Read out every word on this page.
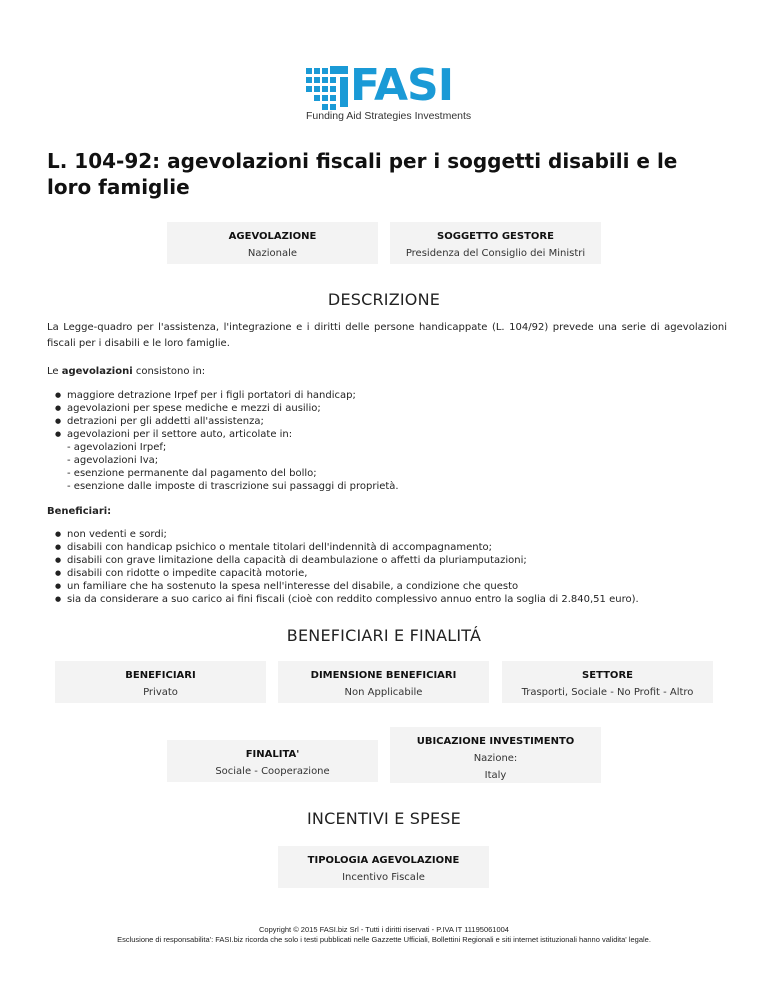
FASI
Funding Aid Strategies Investments
L. 104-92: agevolazioni fiscali per i soggetti disabili e le loro famiglie
AGEVOLAZIONE
Nazionale
SOGGETTO GESTORE
Presidenza del Consiglio dei Ministri
DESCRIZIONE
La Legge-quadro per l'assistenza, l'integrazione e i diritti delle persone handicappate (L. 104/92) prevede una serie di agevolazioni fiscali per i disabili e le loro famiglie.
Le agevolazioni consistono in:
● maggiore detrazione Irpef per i figli portatori di handicap;
● agevolazioni per spese mediche e mezzi di ausilio;
● detrazioni per gli addetti all'assistenza;
● agevolazioni per il settore auto, articolate in:
- agevolazioni Irpef;
- agevolazioni Iva;
- esenzione permanente dal pagamento del bollo;
- esenzione dalle imposte di trascrizione sui passaggi di proprietà.
Beneficiari:
● non vedenti e sordi;
● disabili con handicap psichico o mentale titolari dell'indennità di accompagnamento;
● disabili con grave limitazione della capacità di deambulazione o affetti da pluriamputazioni;
● disabili con ridotte o impedite capacità motorie,
● un familiare che ha sostenuto la spesa nell'interesse del disabile, a condizione che questo
● sia da considerare a suo carico ai fini fiscali (cioè con reddito complessivo annuo entro la soglia di 2.840,51 euro).
BENEFICIARI E FINALITÁ
BENEFICIARI
Privato
DIMENSIONE BENEFICIARI
Non Applicabile
SETTORE
Trasporti, Sociale - No Profit - Altro
FINALITA'
Sociale - Cooperazione
UBICAZIONE INVESTIMENTO
Nazione:
Italy
INCENTIVI E SPESE
TIPOLOGIA AGEVOLAZIONE
Incentivo Fiscale
Copyright © 2015 FASI.biz Srl - Tutti i diritti riservati - P.IVA IT 11195061004
Esclusione di responsabilita': FASI.biz ricorda che solo i testi pubblicati nelle Gazzette Ufficiali, Bollettini Regionali e siti internet istituzionali hanno validita' legale.
